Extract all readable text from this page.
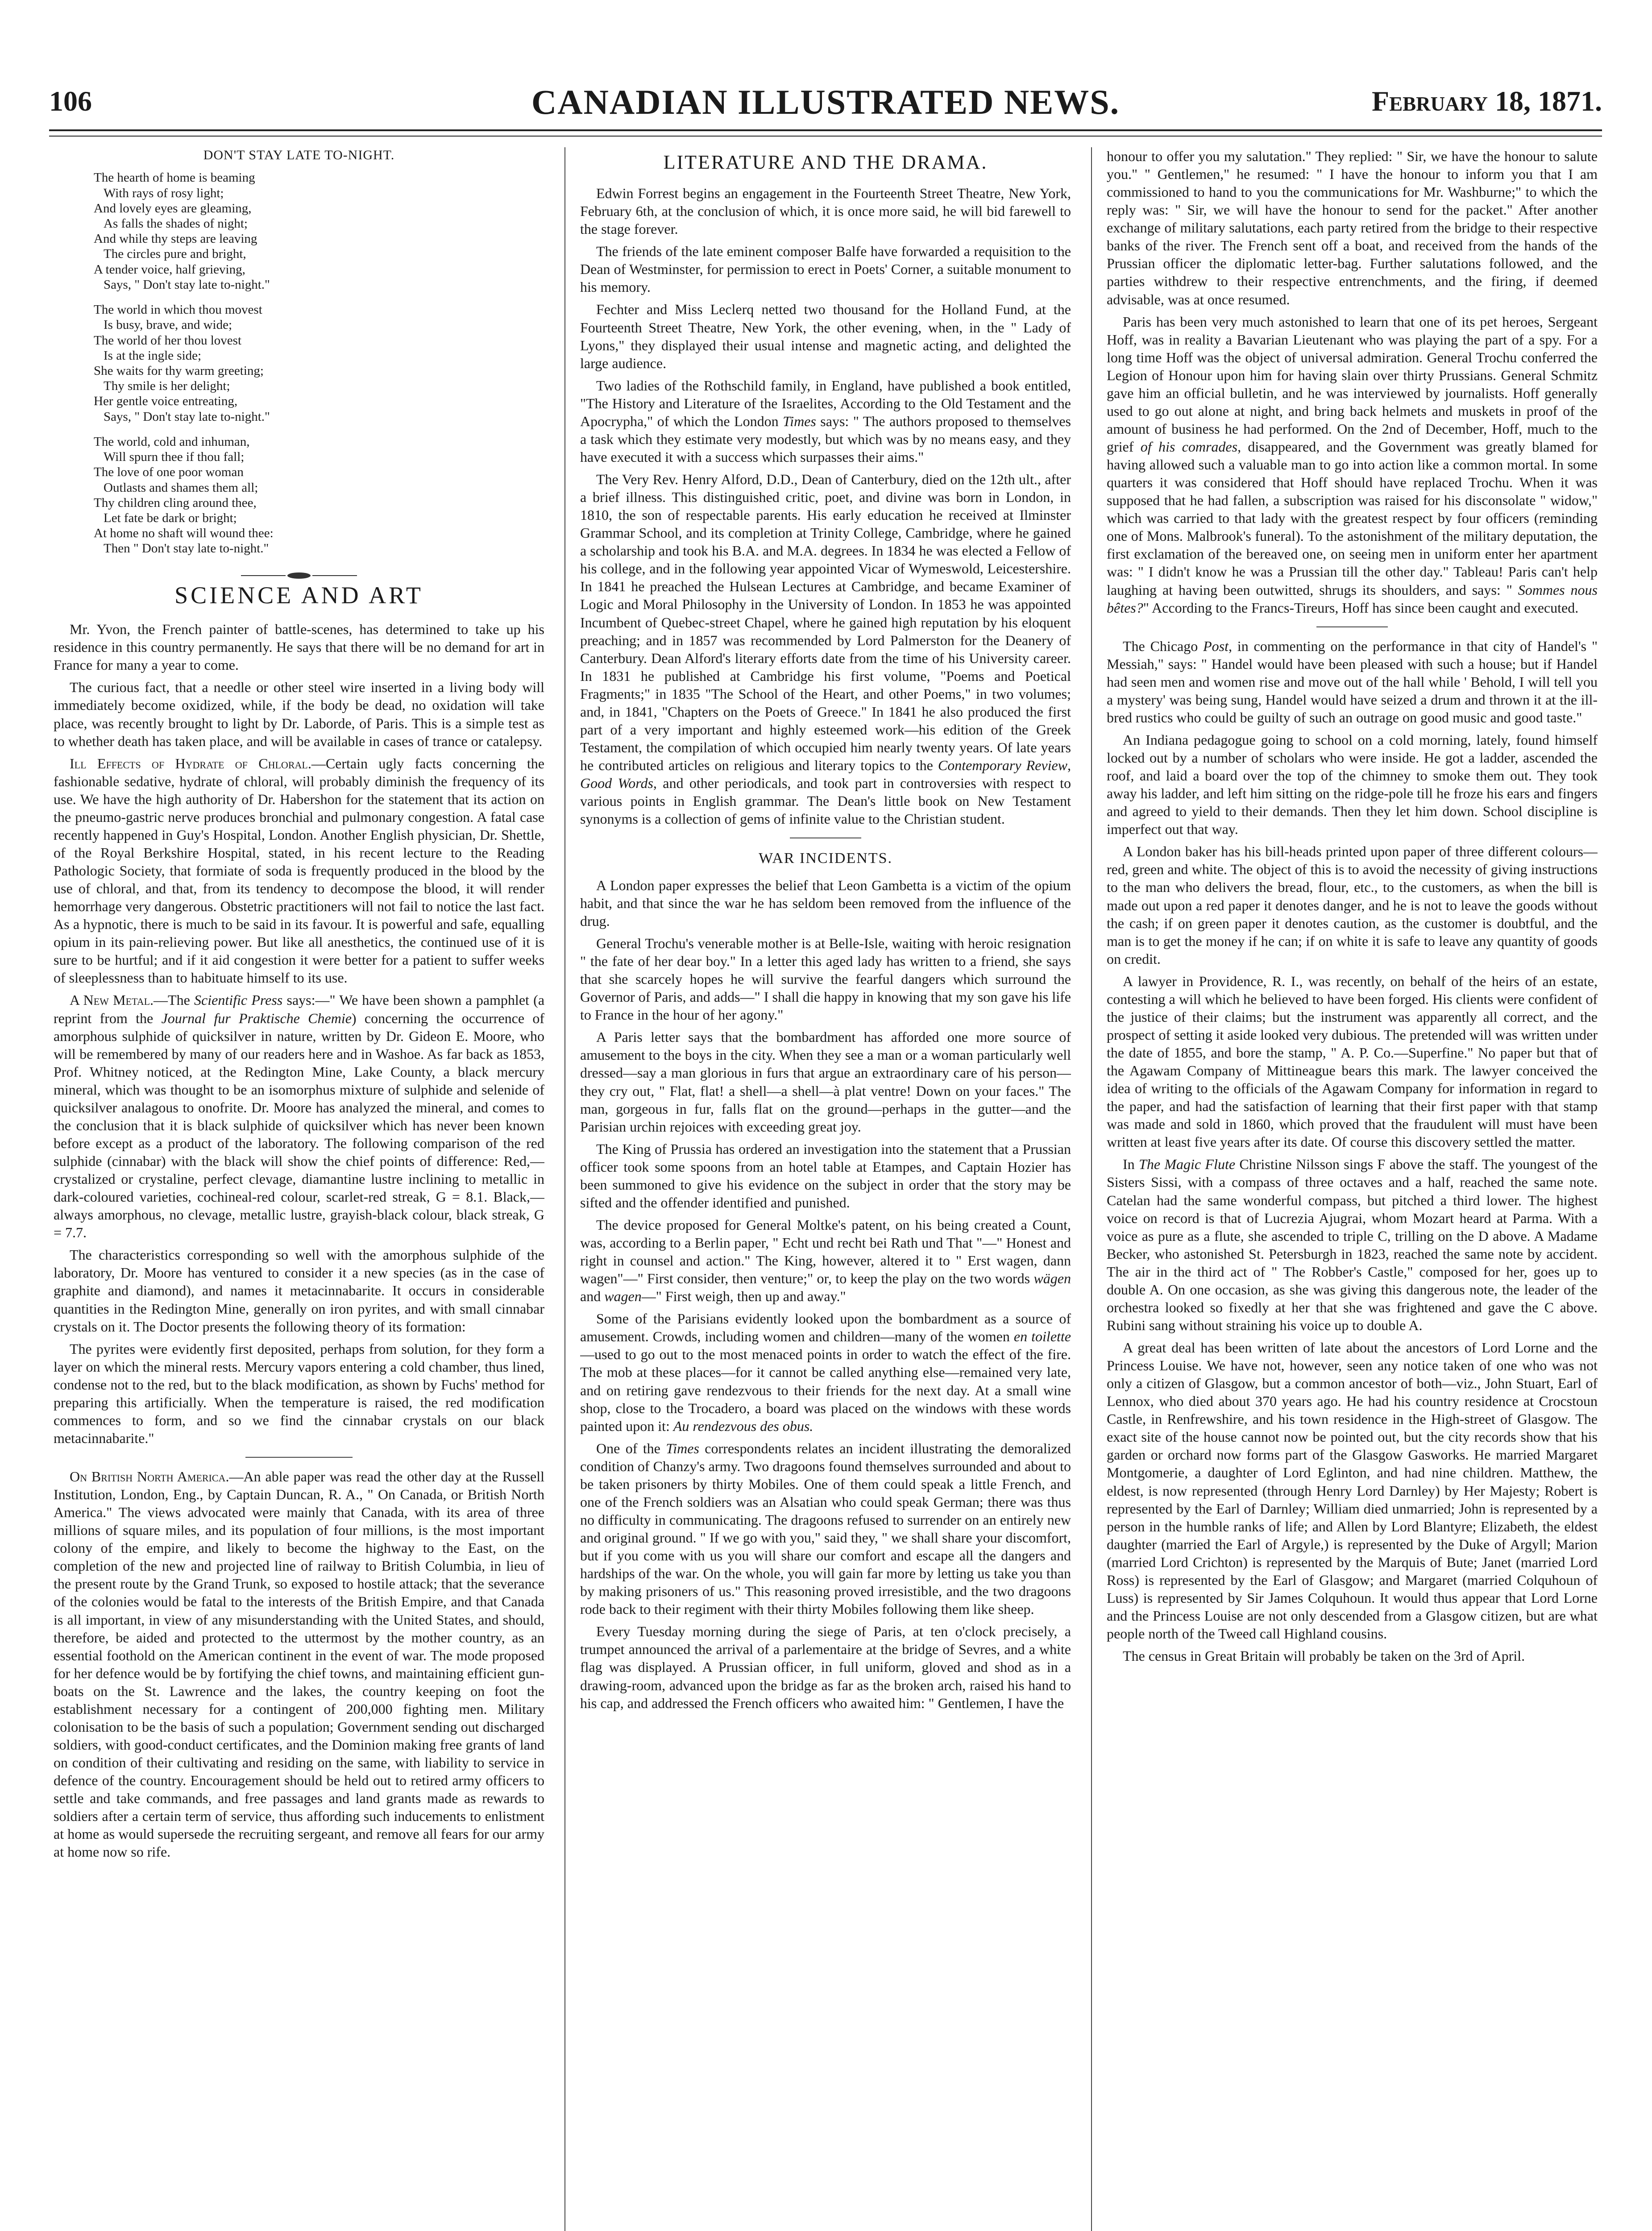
106	CANADIAN ILLUSTRATED NEWS.	February 18, 1871.
DON'T STAY LATE TO-NIGHT.
The hearth of home is beaming
With rays of rosy light;
And lovely eyes are gleaming,
As falls the shades of night;
And while thy steps are leaving
The circles pure and bright,
A tender voice, half grieving,
Says, " Don't stay late to-night."
The world in which thou movest
Is busy, brave, and wide;
The world of her thou lovest
Is at the ingle side;
She waits for thy warm greeting;
Thy smile is her delight;
Her gentle voice entreating,
Says, " Don't stay late to-night."
The world, cold and inhuman,
Will spurn thee if thou fall;
The love of one poor woman
Outlasts and shames them all;
Thy children cling around thee,
Let fate be dark or bright;
At home no shaft will wound thee:
Then " Don't stay late to-night."
SCIENCE AND ART

Mr. Yvon, the French painter of battle-scenes, has determined to take up his residence in this country permanently. He says that there will be no demand for art in France for many a year to come.

The curious fact, that a needle or other steel wire inserted in a living body will immediately become oxidized, while, if the body be dead, no oxidation will take place, was recently brought to light by Dr. Laborde, of Paris. This is a simple test as to whether death has taken place, and will be available in cases of trance or catalepsy.

Ill Effects of Hydrate of Chloral.—Certain ugly facts concerning the fashionable sedative, hydrate of chloral, will probably diminish the frequency of its use. We have the high authority of Dr. Habershon for the statement that its action on the pneumo-gastric nerve produces bronchial and pulmonary congestion. A fatal case recently happened in Guy's Hospital, London. Another English physician, Dr. Shettle, of the Royal Berkshire Hospital, stated, in his recent lecture to the Reading Pathologic Society, that formiate of soda is frequently produced in the blood by the use of chloral, and that, from its tendency to decompose the blood, it will render hemorrhage very dangerous. Obstetric practitioners will not fail to notice the last fact. As a hypnotic, there is much to be said in its favour. It is powerful and safe, equalling opium in its pain-relieving power. But like all anesthetics, the continued use of it is sure to be hurtful; and if it aid congestion it were better for a patient to suffer weeks of sleeplessness than to habituate himself to its use.

A New Metal.—The Scientific Press says:—" We have been shown a pamphlet (a reprint from the Journal fur Praktische Chemie) concerning the occurrence of amorphous sulphide of quicksilver in nature, written by Dr. Gideon E. Moore, who will be remembered by many of our readers here and in Washoe. As far back as 1853, Prof. Whitney noticed, at the Redington Mine, Lake County, a black mercury mineral, which was thought to be an isomorphus mixture of sulphide and selenide of quicksilver analagous to onofrite. Dr. Moore has analyzed the mineral, and comes to the conclusion that it is black sulphide of quicksilver which has never been known before except as a product of the laboratory. The following comparison of the red sulphide (cinnabar) with the black will show the chief points of difference: Red,—crystalized or crystaline, perfect clevage, diamantine lustre inclining to metallic in dark-coloured varieties, cochineal-red colour, scarlet-red streak, G = 8.1. Black,—always amorphous, no clevage, metallic lustre, grayish-black colour, black streak, G = 7.7.

The characteristics corresponding so well with the amorphous sulphide of the laboratory, Dr. Moore has ventured to consider it a new species (as in the case of graphite and diamond), and names it metacinnabarite. It occurs in considerable quantities in the Redington Mine, generally on iron pyrites, and with small cinnabar crystals on it. The Doctor presents the following theory of its formation:

The pyrites were evidently first deposited, perhaps from solution, for they form a layer on which the mineral rests. Mercury vapors entering a cold chamber, thus lined, condense not to the red, but to the black modification, as shown by Fuchs' method for preparing this artificially. When the temperature is raised, the red modification commences to form, and so we find the cinnabar crystals on our black metacinnabarite."

On British North America.—An able paper was read the other day at the Russell Institution, London, Eng., by Captain Duncan, R. A., " On Canada, or British North America." The views advocated were mainly that Canada, with its area of three millions of square miles, and its population of four millions, is the most important colony of the empire, and likely to become the highway to the East, on the completion of the new and projected line of railway to British Columbia, in lieu of the present route by the Grand Trunk, so exposed to hostile attack; that the severance of the colonies would be fatal to the interests of the British Empire, and that Canada is all important, in view of any misunderstanding with the United States, and should, therefore, be aided and protected to the uttermost by the mother country, as an essential foothold on the American continent in the event of war. The mode proposed for her defence would be by fortifying the chief towns, and maintaining efficient gun-boats on the St. Lawrence and the lakes, the country keeping on foot the establishment necessary for a contingent of 200,000 fighting men. Military colonisation to be the basis of such a population; Government sending out discharged soldiers, with good-conduct certificates, and the Dominion making free grants of land on condition of their cultivating and residing on the same, with liability to service in defence of the country. Encouragement should be held out to retired army officers to settle and take commands, and free passages and land grants made as rewards to soldiers after a certain term of service, thus affording such inducements to enlistment at home as would supersede the recruiting sergeant, and remove all fears for our army at home now so rife.

LITERATURE AND THE DRAMA.

Edwin Forrest begins an engagement in the Fourteenth Street Theatre, New York, February 6th, at the conclusion of which, it is once more said, he will bid farewell to the stage forever.

The friends of the late eminent composer Balfe have forwarded a requisition to the Dean of Westminster, for permission to erect in Poets' Corner, a suitable monument to his memory.

Fechter and Miss Leclerq netted two thousand for the Holland Fund, at the Fourteenth Street Theatre, New York, the other evening, when, in the " Lady of Lyons," they displayed their usual intense and magnetic acting, and delighted the large audience.

Two ladies of the Rothschild family, in England, have published a book entitled, "The History and Literature of the Israelites, According to the Old Testament and the Apocrypha," of which the London Times says: " The authors proposed to themselves a task which they estimate very modestly, but which was by no means easy, and they have executed it with a success which surpasses their aims."

The Very Rev. Henry Alford, D.D., Dean of Canterbury, died on the 12th ult., after a brief illness. This distinguished critic, poet, and divine was born in London, in 1810, the son of respectable parents. His early education he received at Ilminster Grammar School, and its completion at Trinity College, Cambridge, where he gained a scholarship and took his B.A. and M.A. degrees. In 1834 he was elected a Fellow of his college, and in the following year appointed Vicar of Wymeswold, Leicestershire. In 1841 he preached the Hulsean Lectures at Cambridge, and became Examiner of Logic and Moral Philosophy in the University of London. In 1853 he was appointed Incumbent of Quebec-street Chapel, where he gained high reputation by his eloquent preaching; and in 1857 was recommended by Lord Palmerston for the Deanery of Canterbury. Dean Alford's literary efforts date from the time of his University career. In 1831 he published at Cambridge his first volume, "Poems and Poetical Fragments;" in 1835 "The School of the Heart, and other Poems," in two volumes; and, in 1841, "Chapters on the Poets of Greece." In 1841 he also produced the first part of a very important and highly esteemed work—his edition of the Greek Testament, the compilation of which occupied him nearly twenty years. Of late years he contributed articles on religious and literary topics to the Contemporary Review, Good Words, and other periodicals, and took part in controversies with respect to various points in English grammar. The Dean's little book on New Testament synonyms is a collection of gems of infinite value to the Christian student.

WAR INCIDENTS.

A London paper expresses the belief that Leon Gambetta is a victim of the opium habit, and that since the war he has seldom been removed from the influence of the drug.

General Trochu's venerable mother is at Belle-Isle, waiting with heroic resignation " the fate of her dear boy." In a letter this aged lady has written to a friend, she says that she scarcely hopes he will survive the fearful dangers which surround the Governor of Paris, and adds—" I shall die happy in knowing that my son gave his life to France in the hour of her agony."

A Paris letter says that the bombardment has afforded one more source of amusement to the boys in the city. When they see a man or a woman particularly well dressed—say a man glorious in furs that argue an extraordinary care of his person—they cry out, " Flat, flat! a shell—a shell—à plat ventre! Down on your faces." The man, gorgeous in fur, falls flat on the ground—perhaps in the gutter—and the Parisian urchin rejoices with exceeding great joy.

The King of Prussia has ordered an investigation into the statement that a Prussian officer took some spoons from an hotel table at Etampes, and Captain Hozier has been summoned to give his evidence on the subject in order that the story may be sifted and the offender identified and punished.

The device proposed for General Moltke's patent, on his being created a Count, was, according to a Berlin paper, " Echt und recht bei Rath und That "—" Honest and right in counsel and action." The King, however, altered it to " Erst wagen, dann wagen"—" First consider, then venture;" or, to keep the play on the two words wägen and wagen—" First weigh, then up and away."

Some of the Parisians evidently looked upon the bombardment as a source of amusement. Crowds, including women and children—many of the women en toilette—used to go out to the most menaced points in order to watch the effect of the fire. The mob at these places—for it cannot be called anything else—remained very late, and on retiring gave rendezvous to their friends for the next day. At a small wine shop, close to the Trocadero, a board was placed on the windows with these words painted upon it: Au rendezvous des obus.

One of the Times correspondents relates an incident illustrating the demoralized condition of Chanzy's army. Two dragoons found themselves surrounded and about to be taken prisoners by thirty Mobiles. One of them could speak a little French, and one of the French soldiers was an Alsatian who could speak German; there was thus no difficulty in communicating. The dragoons refused to surrender on an entirely new and original ground. " If we go with you," said they, " we shall share your discomfort, but if you come with us you will share our comfort and escape all the dangers and hardships of the war. On the whole, you will gain far more by letting us take you than by making prisoners of us." This reasoning proved irresistible, and the two dragoons rode back to their regiment with their thirty Mobiles following them like sheep.

Every Tuesday morning during the siege of Paris, at ten o'clock precisely, a trumpet announced the arrival of a parlementaire at the bridge of Sevres, and a white flag was displayed. A Prussian officer, in full uniform, gloved and shod as in a drawing-room, advanced upon the bridge as far as the broken arch, raised his hand to his cap, and addressed the French officers who awaited him: " Gentlemen, I have the

honour to offer you my salutation." They replied: " Sir, we have the honour to salute you." " Gentlemen," he resumed: " I have the honour to inform you that I am commissioned to hand to you the communications for Mr. Washburne;" to which the reply was: " Sir, we will have the honour to send for the packet." After another exchange of military salutations, each party retired from the bridge to their respective banks of the river. The French sent off a boat, and received from the hands of the Prussian officer the diplomatic letter-bag. Further salutations followed, and the parties withdrew to their respective entrenchments, and the firing, if deemed advisable, was at once resumed.

Paris has been very much astonished to learn that one of its pet heroes, Sergeant Hoff, was in reality a Bavarian Lieutenant who was playing the part of a spy. For a long time Hoff was the object of universal admiration. General Trochu conferred the Legion of Honour upon him for having slain over thirty Prussians. General Schmitz gave him an official bulletin, and he was interviewed by journalists. Hoff generally used to go out alone at night, and bring back helmets and muskets in proof of the amount of business he had performed. On the 2nd of December, Hoff, much to the grief of his comrades, disappeared, and the Government was greatly blamed for having allowed such a valuable man to go into action like a common mortal. In some quarters it was considered that Hoff should have replaced Trochu. When it was supposed that he had fallen, a subscription was raised for his disconsolate " widow," which was carried to that lady with the greatest respect by four officers (reminding one of Mons. Malbrook's funeral). To the astonishment of the military deputation, the first exclamation of the bereaved one, on seeing men in uniform enter her apartment was: " I didn't know he was a Prussian till the other day." Tableau! Paris can't help laughing at having been outwitted, shrugs its shoulders, and says: " Sommes nous bêtes?" According to the Francs-Tireurs, Hoff has since been caught and executed.

The Chicago Post, in commenting on the performance in that city of Handel's " Messiah," says: " Handel would have been pleased with such a house; but if Handel had seen men and women rise and move out of the hall while ' Behold, I will tell you a mystery' was being sung, Handel would have seized a drum and thrown it at the ill-bred rustics who could be guilty of such an outrage on good music and good taste."

An Indiana pedagogue going to school on a cold morning, lately, found himself locked out by a number of scholars who were inside. He got a ladder, ascended the roof, and laid a board over the top of the chimney to smoke them out. They took away his ladder, and left him sitting on the ridge-pole till he froze his ears and fingers and agreed to yield to their demands. Then they let him down. School discipline is imperfect out that way.

A London baker has his bill-heads printed upon paper of three different colours—red, green and white. The object of this is to avoid the necessity of giving instructions to the man who delivers the bread, flour, etc., to the customers, as when the bill is made out upon a red paper it denotes danger, and he is not to leave the goods without the cash; if on green paper it denotes caution, as the customer is doubtful, and the man is to get the money if he can; if on white it is safe to leave any quantity of goods on credit.

A lawyer in Providence, R. I., was recently, on behalf of the heirs of an estate, contesting a will which he believed to have been forged. His clients were confident of the justice of their claims; but the instrument was apparently all correct, and the prospect of setting it aside looked very dubious. The pretended will was written under the date of 1855, and bore the stamp, " A. P. Co.—Superfine." No paper but that of the Agawam Company of Mittineague bears this mark. The lawyer conceived the idea of writing to the officials of the Agawam Company for information in regard to the paper, and had the satisfaction of learning that their first paper with that stamp was made and sold in 1860, which proved that the fraudulent will must have been written at least five years after its date. Of course this discovery settled the matter.

In The Magic Flute Christine Nilsson sings F above the staff. The youngest of the Sisters Sissi, with a compass of three octaves and a half, reached the same note. Catelan had the same wonderful compass, but pitched a third lower. The highest voice on record is that of Lucrezia Ajugrai, whom Mozart heard at Parma. With a voice as pure as a flute, she ascended to triple C, trilling on the D above. A Madame Becker, who astonished St. Petersburgh in 1823, reached the same note by accident. The air in the third act of " The Robber's Castle," composed for her, goes up to double A. On one occasion, as she was giving this dangerous note, the leader of the orchestra looked so fixedly at her that she was frightened and gave the C above. Rubini sang without straining his voice up to double A.

A great deal has been written of late about the ancestors of Lord Lorne and the Princess Louise. We have not, however, seen any notice taken of one who was not only a citizen of Glasgow, but a common ancestor of both—viz., John Stuart, Earl of Lennox, who died about 370 years ago. He had his country residence at Crocstoun Castle, in Renfrewshire, and his town residence in the High-street of Glasgow. The exact site of the house cannot now be pointed out, but the city records show that his garden or orchard now forms part of the Glasgow Gasworks. He married Margaret Montgomerie, a daughter of Lord Eglinton, and had nine children. Matthew, the eldest, is now represented (through Henry Lord Darnley) by Her Majesty; Robert is represented by the Earl of Darnley; William died unmarried; John is represented by a person in the humble ranks of life; and Allen by Lord Blantyre; Elizabeth, the eldest daughter (married the Earl of Argyle,) is represented by the Duke of Argyll; Marion (married Lord Crichton) is represented by the Marquis of Bute; Janet (married Lord Ross) is represented by the Earl of Glasgow; and Margaret (married Colquhoun of Luss) is represented by Sir James Colquhoun. It would thus appear that Lord Lorne and the Princess Louise are not only descended from a Glasgow citizen, but are what people north of the Tweed call Highland cousins.

The census in Great Britain will probably be taken on the 3rd of April.
